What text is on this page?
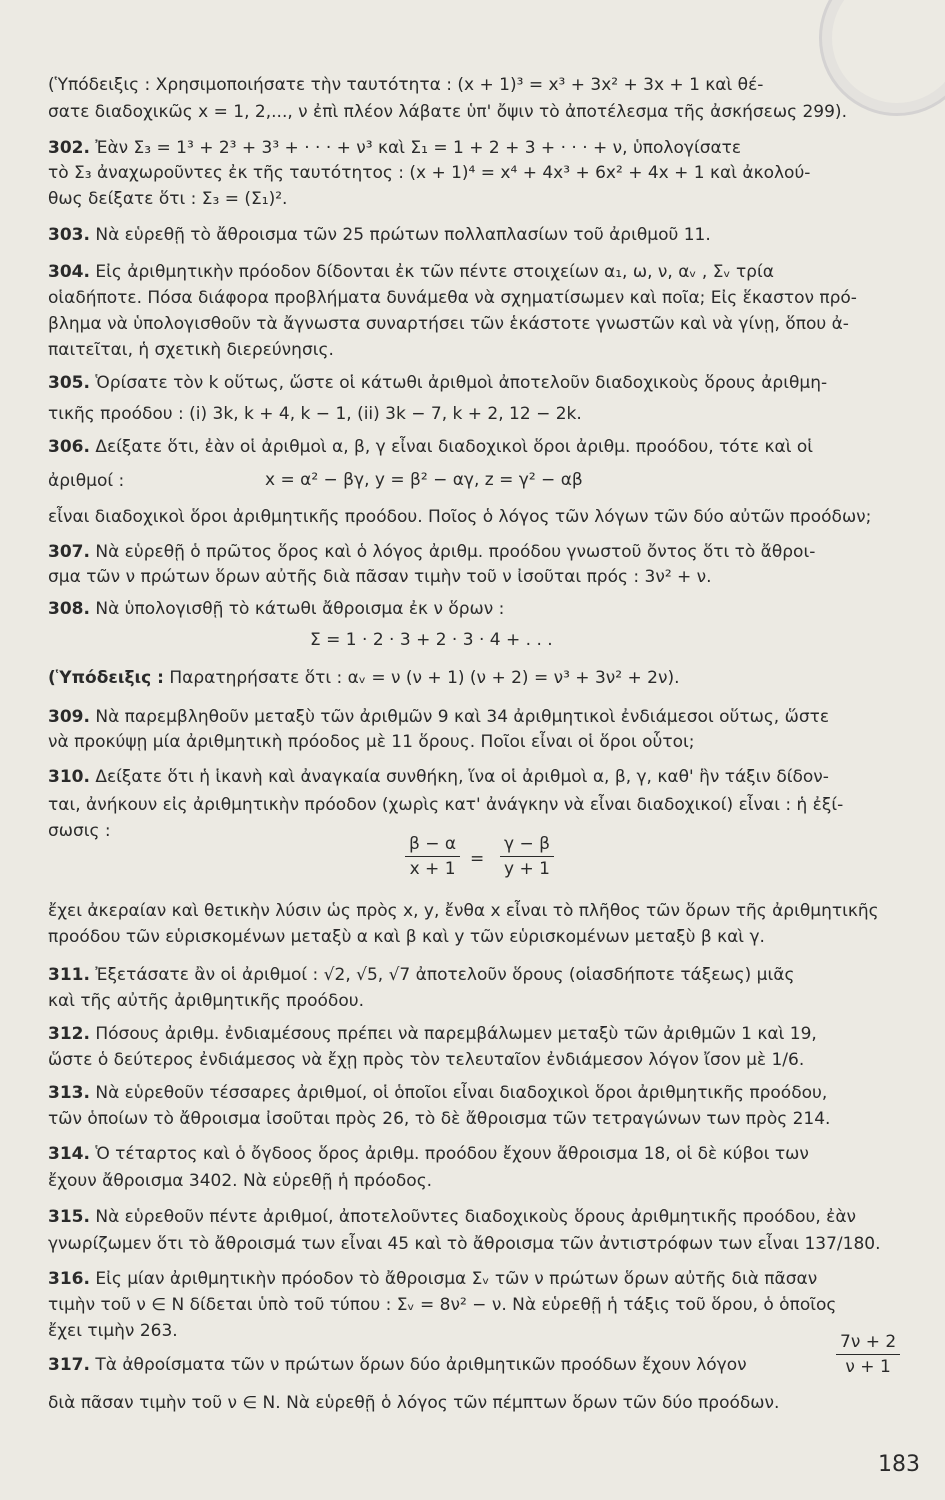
(Ὑπόδειξις : Χρησιμοποιήσατε τὴν ταυτότητα : (x + 1)³ = x³ + 3x² + 3x + 1 καὶ θέ-
σατε διαδοχικῶς x = 1, 2,..., ν ἐπὶ πλέον λάβατε ὑπ' ὄψιν τὸ ἀποτέλεσμα τῆς ἀσκήσεως 299).
302. Ἐὰν Σ₃ = 1³ + 2³ + 3³ + · · · + ν³ καὶ Σ₁ = 1 + 2 + 3 + · · · + ν, ὑπολογίσατε
τὸ Σ₃ ἀναχωροῦντες ἐκ τῆς ταυτότητος : (x + 1)⁴ = x⁴ + 4x³ + 6x² + 4x + 1 καὶ ἀκολού-
θως δείξατε ὅτι : Σ₃ = (Σ₁)².
303. Νὰ εὑρεθῇ τὸ ἄθροισμα τῶν 25 πρώτων πολλαπλασίων τοῦ ἀριθμοῦ 11.
304. Εἰς ἀριθμητικὴν πρόοδον δίδονται ἐκ τῶν πέντε στοιχείων α₁, ω, ν, αᵥ , Σᵥ τρία
οἱαδήποτε. Πόσα διάφορα προβλήματα δυνάμεθα νὰ σχηματίσωμεν καὶ ποῖα; Εἰς ἕκαστον πρό-
βλημα νὰ ὑπολογισθοῦν τὰ ἄγνωστα συναρτήσει τῶν ἑκάστοτε γνωστῶν καὶ νὰ γίνῃ, ὅπου ἀ-
παιτεῖται, ἡ σχετικὴ διερεύνησις.
305. Ὁρίσατε τὸν k οὕτως, ὥστε οἱ κάτωθι ἀριθμοὶ ἀποτελοῦν διαδοχικοὺς ὅρους ἀριθμη-
τικῆς προόδου : (i) 3k, k + 4, k − 1, (ii) 3k − 7, k + 2, 12 − 2k.
306. Δείξατε ὅτι, ἐὰν οἱ ἀριθμοὶ α, β, γ εἶναι διαδοχικοὶ ὅροι ἀριθμ. προόδου, τότε καὶ οἱ
ἀριθμοί :	x = α² − βγ, y = β² − αγ, z = γ² − αβ
εἶναι διαδοχικοὶ ὅροι ἀριθμητικῆς προόδου. Ποῖος ὁ λόγος τῶν λόγων τῶν δύο αὐτῶν προόδων;
307. Νὰ εὑρεθῇ ὁ πρῶτος ὅρος καὶ ὁ λόγος ἀριθμ. προόδου γνωστοῦ ὄντος ὅτι τὸ ἄθροι-
σμα τῶν ν πρώτων ὅρων αὐτῆς διὰ πᾶσαν τιμὴν τοῦ ν ἰσοῦται πρός : 3ν² + ν.
308. Νὰ ὑπολογισθῇ τὸ κάτωθι ἄθροισμα ἐκ ν ὅρων :
Σ = 1 · 2 · 3 + 2 · 3 · 4 + . . .
(Ὑπόδειξις : Παρατηρήσατε ὅτι : αᵥ = ν (ν + 1) (ν + 2) = ν³ + 3ν² + 2ν).
309. Νὰ παρεμβληθοῦν μεταξὺ τῶν ἀριθμῶν 9 καὶ 34 ἀριθμητικοὶ ἐνδιάμεσοι οὕτως, ὥστε
νὰ προκύψῃ μία ἀριθμητικὴ πρόοδος μὲ 11 ὅρους. Ποῖοι εἶναι οἱ ὅροι οὗτοι;
310. Δείξατε ὅτι ἡ ἱκανὴ καὶ ἀναγκαία συνθήκη, ἵνα οἱ ἀριθμοὶ α, β, γ, καθ' ἣν τάξιν δίδον-
ται, ἀνήκουν εἰς ἀριθμητικὴν πρόοδον (χωρὶς κατ' ἀνάγκην νὰ εἶναι διαδοχικοί) εἶναι : ἡ ἐξί-
σωσις :
$\frac{\beta - \alpha}{x + 1} = \frac{\gamma - \beta}{y + 1}$
ἔχει ἀκεραίαν καὶ θετικὴν λύσιν ὡς πρὸς x, y, ἔνθα x εἶναι τὸ πλῆθος τῶν ὅρων τῆς ἀριθμητικῆς
προόδου τῶν εὑρισκομένων μεταξὺ α καὶ β καὶ y τῶν εὑρισκομένων μεταξὺ β καὶ γ.
311. Ἐξετάσατε ἂν οἱ ἀριθμοί : √2, √5, √7 ἀποτελοῦν ὅρους (οἱασδήποτε τάξεως) μιᾶς
καὶ τῆς αὐτῆς ἀριθμητικῆς προόδου.
312. Πόσους ἀριθμ. ἐνδιαμέσους πρέπει νὰ παρεμβάλωμεν μεταξὺ τῶν ἀριθμῶν 1 καὶ 19,
ὥστε ὁ δεύτερος ἐνδιάμεσος νὰ ἔχῃ πρὸς τὸν τελευταῖον ἐνδιάμεσον λόγον ἴσον μὲ 1/6.
313. Νὰ εὑρεθοῦν τέσσαρες ἀριθμοί, οἱ ὁποῖοι εἶναι διαδοχικοὶ ὅροι ἀριθμητικῆς προόδου,
τῶν ὁποίων τὸ ἄθροισμα ἰσοῦται πρὸς 26, τὸ δὲ ἄθροισμα τῶν τετραγώνων των πρὸς 214.
314. Ὁ τέταρτος καὶ ὁ ὄγδοος ὅρος ἀριθμ. προόδου ἔχουν ἄθροισμα 18, οἱ δὲ κύβοι των
ἔχουν ἄθροισμα 3402. Νὰ εὑρεθῇ ἡ πρόοδος.
315. Νὰ εὑρεθοῦν πέντε ἀριθμοί, ἀποτελοῦντες διαδοχικοὺς ὅρους ἀριθμητικῆς προόδου, ἐὰν
γνωρίζωμεν ὅτι τὸ ἄθροισμά των εἶναι 45 καὶ τὸ ἄθροισμα τῶν ἀντιστρόφων των εἶναι 137/180.
316. Εἰς μίαν ἀριθμητικὴν πρόοδον τὸ ἄθροισμα Σᵥ τῶν ν πρώτων ὅρων αὐτῆς διὰ πᾶσαν
τιμὴν τοῦ ν ∈ N δίδεται ὑπὸ τοῦ τύπου : Σᵥ = 8ν² − ν. Νὰ εὑρεθῇ ἡ τάξις τοῦ ὅρου, ὁ ὁποῖος
ἔχει τιμὴν 263.
317. Τὰ ἀθροίσματα τῶν ν πρώτων ὅρων δύο ἀριθμητικῶν προόδων ἔχουν λόγον	$\frac{7\nu + 2}{\nu + 1}$
διὰ πᾶσαν τιμὴν τοῦ ν ∈ N. Νὰ εὑρεθῇ ὁ λόγος τῶν πέμπτων ὅρων τῶν δύο προόδων.
183
